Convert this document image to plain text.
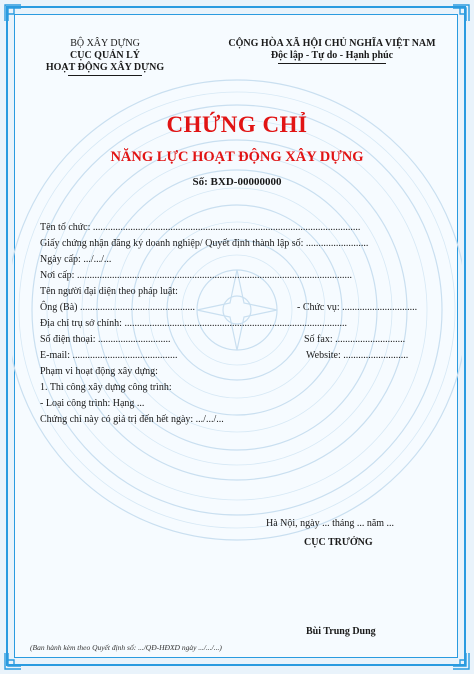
BỘ XÂY DỰNG
CỤC QUẢN LÝ
HOẠT ĐỘNG XÂY DỰNG
CỘNG HÒA XÃ HỘI CHỦ NGHĨA VIỆT NAM
Độc lập - Tự do - Hạnh phúc
CHỨNG CHỈ
NĂNG LỰC HOẠT ĐỘNG XÂY DỰNG
Số: BXD-00000000
Tên tổ chức: ...........................................................................................................
Giấy chứng nhận đăng ký doanh nghiệp/ Quyết định thành lập số: .........................
Ngày cấp: .../.../...
Nơi cấp: ..............................................................................................................
Tên người đại diện theo pháp luật:
Ông (Bà) ..............................................	- Chức vụ: ..............................
Địa chỉ trụ sở chính: .........................................................................................
Số điện thoại: .............................	Số fax: ............................
E-mail: ..........................................	Website: ..........................
Phạm vi hoạt động xây dựng:
1. Thi công xây dựng công trình:
- Loại công trình: Hạng ...
Chứng chỉ này có giá trị đến hết ngày: .../.../...
Hà Nội, ngày ... tháng ... năm ...
CỤC TRƯỞNG
Bùi Trung Dung
(Ban hành kèm theo Quyết định số: .../QĐ-HĐXD ngày .../.../...)
